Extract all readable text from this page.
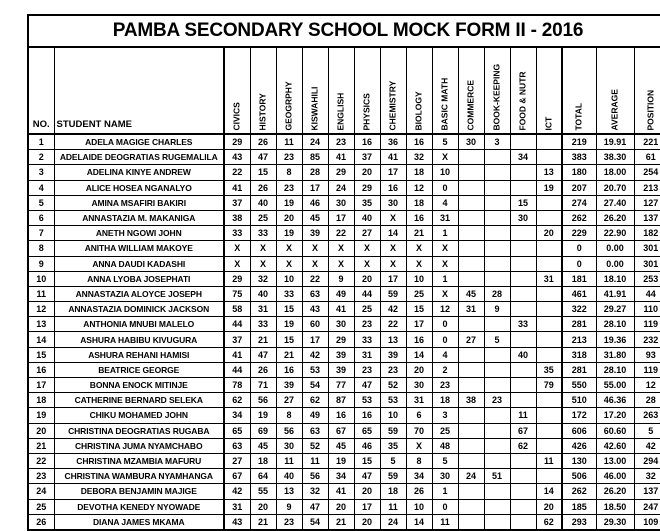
PAMBA SECONDARY SCHOOL MOCK FORM II - 2016																	
NO.	STUDENT NAME	CIVICS	HISTORY	GEOGRPHY	KISWAHILI	ENGLISH	PHYSICS	CHEMISTRY	BIOLOGY	BASIC MATH	COMMERCE	BOOK-KEEPING	FOOD & NUTR	ICT	TOTAL	AVERAGE	POSITION

1	ADELA MAGIGE CHARLES	29	26	11	24	23	16	36	16	5	30	3			219	19.91	221
2	ADELAIDE DEOGRATIAS RUGEMALILA	43	47	23	85	41	37	41	32	X			34		383	38.30	61
3	ADELINA KINYE ANDREW	22	15	8	28	29	20	17	18	10				13	180	18.00	254
4	ALICE HOSEA NGANALYO	41	26	23	17	24	29	16	12	0				19	207	20.70	213
5	AMINA MSAFIRI BAKIRI	37	40	19	46	30	35	30	18	4			15		274	27.40	127
6	ANNASTAZIA M. MAKANIGA	38	25	20	45	17	40	X	16	31			30		262	26.20	137
7	ANETH NGOWI JOHN	33	33	19	39	22	27	14	21	1				20	229	22.90	182
8	ANITHA WILLIAM MAKOYE	X	X	X	X	X	X	X	X	X					0	0.00	301
9	ANNA DAUDI KADASHI	X	X	X	X	X	X	X	X	X					0	0.00	301
10	ANNA LYOBA JOSEPHATI	29	32	10	22	9	20	17	10	1				31	181	18.10	253
11	ANNASTAZIA ALOYCE JOSEPH	75	40	33	63	49	44	59	25	X	45	28			461	41.91	44
12	ANNASTAZIA DOMINICK JACKSON	58	31	15	43	41	25	42	15	12	31	9			322	29.27	110
13	ANTHONIA MNUBI MALELO	44	33	19	60	30	23	22	17	0			33		281	28.10	119
14	ASHURA HABIBU KIVUGURA	37	21	15	17	29	33	13	16	0	27	5			213	19.36	232
15	ASHURA REHANI HAMISI	41	47	21	42	39	31	39	14	4			40		318	31.80	93
16	BEATRICE GEORGE	44	26	16	53	39	23	23	20	2				35	281	28.10	119
17	BONNA ENOCK MITINJE	78	71	39	54	77	47	52	30	23				79	550	55.00	12
18	CATHERINE BERNARD SELEKA	62	56	27	62	87	53	53	31	18	38	23			510	46.36	28
19	CHIKU MOHAMED JOHN	34	19	8	49	16	16	10	6	3			11		172	17.20	263
20	CHRISTINA DEOGRATIAS RUGABA	65	69	56	63	67	65	59	70	25			67		606	60.60	5
21	CHRISTINA JUMA NYAMCHABO	63	45	30	52	45	46	35	X	48			62		426	42.60	42
22	CHRISTINA MZAMBIA MAFURU	27	18	11	11	19	15	5	8	5				11	130	13.00	294
23	CHRISTINA WAMBURA NYAMHANGA	67	64	40	56	34	47	59	34	30	24	51			506	46.00	32
24	DEBORA BENJAMIN MAJIGE	42	55	13	32	41	20	18	26	1				14	262	26.20	137
25	DEVOTHA KENEDY NYOWADE	31	20	9	47	20	17	11	10	0				20	185	18.50	247
26	DIANA JAMES MKAMA	43	21	23	54	21	20	24	14	11				62	293	29.30	109
